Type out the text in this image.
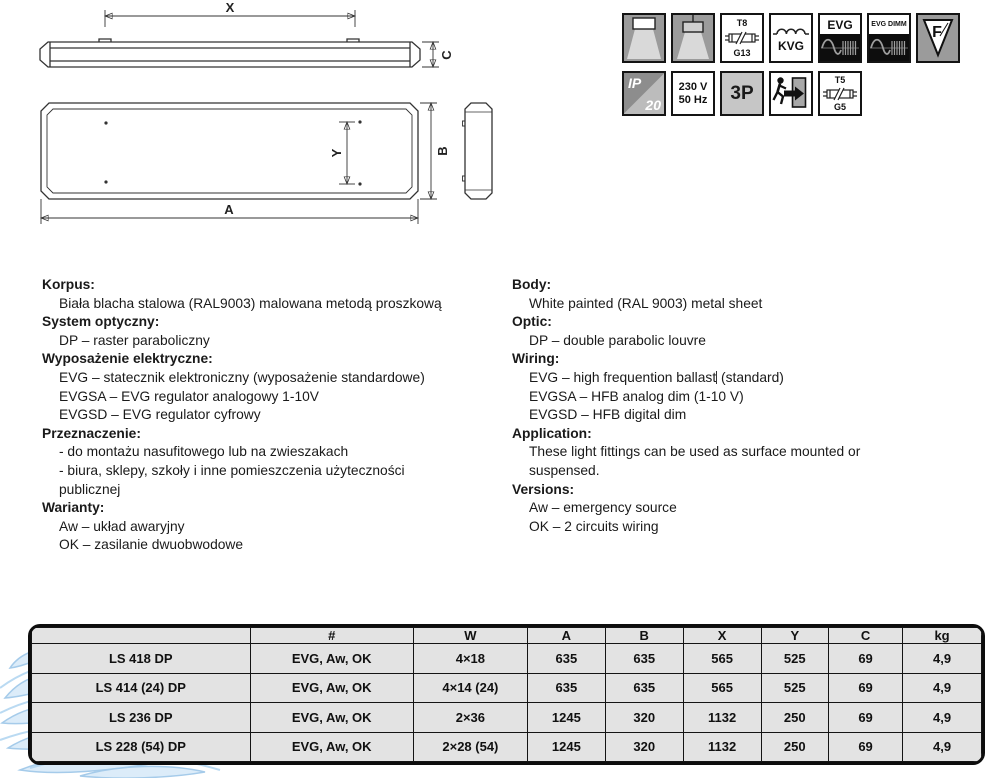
X
C
Y
A
B
T8
G13 KVG
EVG	EVG DIMM F
IP
20
230 V
50 Hz 3P
T5
G5
Korpus:
Biała blacha stalowa (RAL9003) malowana metodą proszkową
System optyczny:
DP – raster paraboliczny
Wyposażenie elektryczne:
EVG – statecznik elektroniczny (wyposażenie standardowe)
EVGSA – EVG regulator analogowy 1-10V
EVGSD – EVG regulator cyfrowy
Przeznaczenie:
- do montażu nasufitowego lub na zwieszakach
- biura, sklepy, szkoły i inne pomieszczenia użyteczności
publicznej
Warianty:
Aw – układ awaryjny
OK – zasilanie dwuobwodowe
Body:
White painted (RAL 9003) metal sheet
Optic:
DP – double parabolic louvre
Wiring:
EVG – high frequention ballast (standard)
EVGSA – HFB analog dim (1-10 V)
EVGSD – HFB digital dim
Application:
These light fittings can be used as surface mounted or
suspensed.
Versions:
Aw – emergency source
OK – 2 circuits wiring
	#	W	A	B	X	Y	C	kg
LS 418 DP	EVG, Aw, OK	4×18	635	635	565	525	69	4,9
LS 414 (24) DP	EVG, Aw, OK	4×14 (24)	635	635	565	525	69	4,9
LS 236 DP	EVG, Aw, OK	2×36	1245	320	1132	250	69	4,9
LS 228 (54) DP	EVG, Aw, OK	2×28 (54)	1245	320	1132	250	69	4,9
